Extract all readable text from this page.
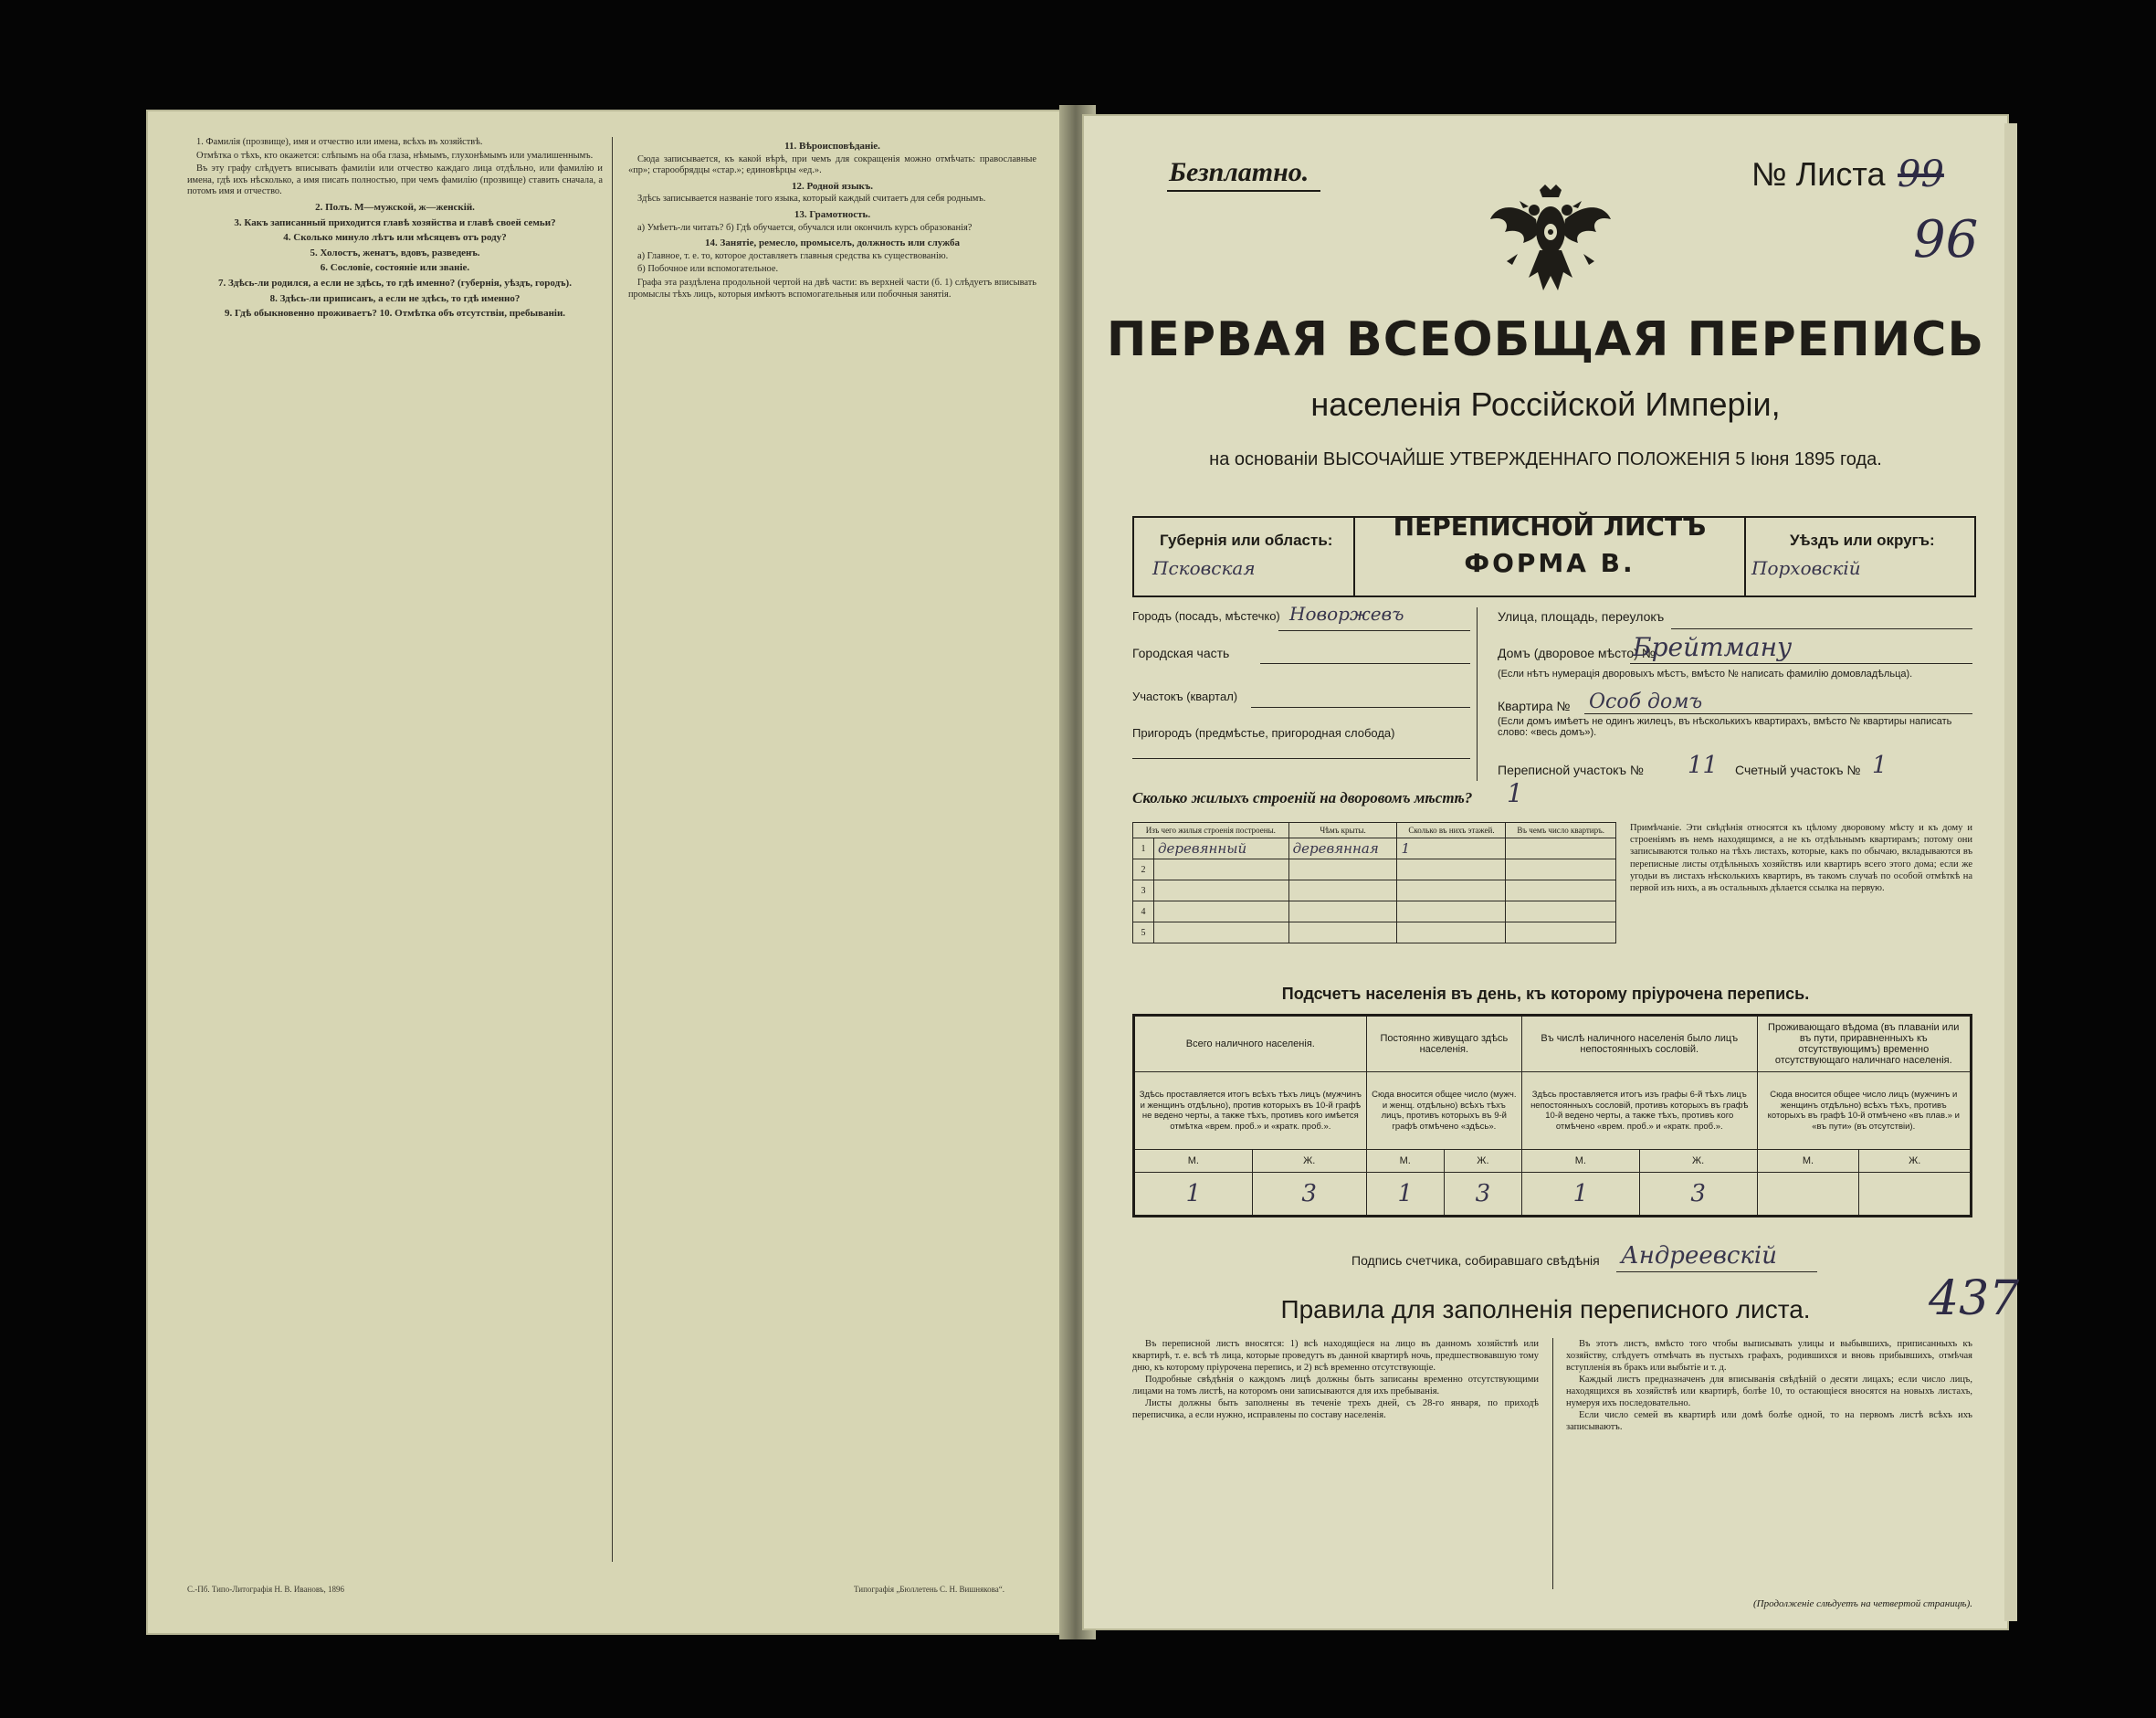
1. Фамилія (прозвище), имя и отчество или имена, всѣхъ въ хозяйствѣ.

Отмѣтка о тѣхъ, кто окажется: слѣпымъ на оба глаза, нѣмымъ, глухонѣмымъ или умалишеннымъ.

Въ эту графу слѣдуетъ вписывать фамиліи или отчество каждаго лица отдѣльно, или фамилію и имена, гдѣ ихъ нѣсколько, а имя писать полностью, при чемъ фамилію (прозвище) ставить сначала, а потомъ имя и отчество.

2. Полъ. М—мужской, ж—женскій.
3. Какъ записанный приходится главѣ хозяйства и главѣ своей семьи?
4. Сколько минуло лѣтъ или мѣсяцевъ отъ роду?
5. Холостъ, женатъ, вдовъ, разведенъ.
6. Сословіе, состояніе или званіе.
7. Здѣсь-ли родился, а если не здѣсь, то гдѣ именно? (губернія, уѣздъ, городъ).
8. Здѣсь-ли приписанъ, а если не здѣсь, то гдѣ именно?
9. Гдѣ обыкновенно проживаетъ? 10. Отмѣтка объ отсутствіи, пребываніи.
11. Вѣроисповѣданіе.

Сюда записывается, къ какой вѣрѣ, при чемъ для сокращенія можно отмѣчать: православные «пр»; старообрядцы «стар.»; единовѣрцы «ед.».

12. Родной языкъ.

Здѣсь записывается названіе того языка, который каждый считаетъ для себя роднымъ.

13. Грамотность.

а) Умѣетъ-ли читать? б) Гдѣ обучается, обучался или окончилъ курсъ образованія?

14. Занятіе, ремесло, промыселъ, должность или служба

а) Главное, т. е. то, которое доставляетъ главныя средства къ существованію.

б) Побочное или вспомогательное.

Графа эта раздѣлена продольной чертой на двѣ части: въ верхней части (б. 1) слѣдуетъ вписывать промыслы тѣхъ лицъ, которыя имѣютъ вспомогательныя или побочныя занятія.

С.-Пб. Типо-Литографія Н. В. Ивановъ, 1896	Типографія „Бюллетень С. Н. Вишнякова“.
Безплатно.	№ Листа 99
96
ПЕРВАЯ ВСЕОБЩАЯ ПЕРЕПИСЬ
населенія Россійской Имперіи,
на основаніи ВЫСОЧАЙШЕ УТВЕРЖДЕННАГО ПОЛОЖЕНІЯ 5 Іюня 1895 года.
Губернія или область:
Псковская
ПЕРЕПИСНОЙ ЛИСТЪ
ФОРМА В.
Уѣздъ или округъ:
Порховскій
Городъ (посадъ, мѣстечко) Новоржевъ	Улица, площадь, переулокъ
Городская часть	Домъ (дворовое мѣсто) №
Брейтману
(Если нѣтъ нумерація дворовыхъ мѣстъ, вмѣсто № написать фамилію домовладѣльца).
Участокъ (квартал)
Пригородъ (предмѣстье, пригородная слобода)
Квартира № Особ домъ
(Если домъ имѣетъ не одинъ жилецъ, въ нѣсколькихъ квартирахъ, вмѣсто № квартиры написать слово: «весь домъ»).
Переписной участокъ № 11 Счетный участокъ № 1
Сколько жилыхъ строеній на дворовомъ мѣстѣ? 1
Изъ чего жилыя строенія построены.		Чѣмъ крыты.	Сколько въ нихъ этажей.	Въ чемъ число квартиръ.
1	деревянный	деревянная	1	
2				
3				
4				
5				
Примѣчаніе. Эти свѣдѣнія относятся къ цѣлому дворовому мѣсту и къ дому и строеніямъ въ немъ находящимся, а не къ отдѣльнымъ квартирамъ; потому они записываются только на тѣхъ листахъ, которые, какъ по обычаю, вкладываются въ переписные листы отдѣльныхъ хозяйствъ или квартиръ всего этого дома; если же угодьи въ листахъ нѣсколькихъ квартиръ, въ такомъ случаѣ по особой отмѣткѣ на первой изъ нихъ, а въ остальныхъ дѣлается ссылка на первую.
Подсчетъ населенія въ день, къ которому пріурочена перепись.
Всего наличного населенія.		Постоянно живущаго здѣсь населенія.		Въ числѣ наличного населенія было лицъ непостоянныхъ сословій.		Проживающаго вѣдома (въ плаваніи или въ пути, приравненныхъ къ отсутствующимъ) временно отсутствующаго наличнаго населенія.	
Здѣсь проставляется итогъ всѣхъ тѣхъ лицъ (мужчинъ и женщинъ отдѣльно), против которыхъ въ 10-й графѣ не ведено черты, а также тѣхъ, противъ кого имѣется отмѣтка «врем. проб.» и «кратк. проб.».		Сюда вносится общее число (мужч. и женщ. отдѣльно) всѣхъ тѣхъ лицъ, противъ которыхъ въ 9-й графѣ отмѣчено «здѣсь».		Здѣсь проставляется итогъ изъ графы 6-й тѣхъ лицъ непостоянныхъ сословій, противъ которыхъ въ графѣ 10-й ведено черты, а также тѣхъ, противъ кого отмѣчено «врем. проб.» и «кратк. проб.».		Сюда вносится общее число лицъ (мужчинъ и женщинъ отдѣльно) всѣхъ тѣхъ, противъ которыхъ въ графѣ 10-й отмѣчено «въ плав.» и «въ пути» (въ отсутствіи).	
М.	Ж.	М.	Ж.	М.	Ж.	М.	Ж.
1	3	1	3	1	3		
Подпись счетчика, собиравшаго свѣдѣнія Андреевскій
437
Правила для заполненія переписного листа.

Въ переписной листъ вносятся: 1) всѣ находящіеся на лицо въ данномъ хозяйствѣ или квартирѣ, т. е. всѣ тѣ лица, которые проведутъ въ данной квартирѣ ночь, предшествовавшую тому дню, къ которому пріурочена перепись, и 2) всѣ временно отсутствующіе.

Подробные свѣдѣнія о каждомъ лицѣ должны быть записаны временно отсутствующими лицами на томъ листѣ, на которомъ они записываются для ихъ пребыванія.

Листы должны быть заполнены въ теченіе трехъ дней, съ 28-го января, по приходѣ переписчика, а если нужно, исправлены по составу населенія.

Въ этотъ листъ, вмѣсто того чтобы выписывать улицы и выбывшихъ, приписанныхъ къ хозяйству, слѣдуетъ отмѣчать въ пустыхъ графахъ, родившихся и вновь прибывшихъ, отмѣчая вступленія въ бракъ или выбытіе и т. д.

Каждый листъ предназначенъ для вписыванія свѣдѣній о десяти лицахъ; если число лицъ, находящихся въ хозяйствѣ или квартирѣ, болѣе 10, то остающіеся вносятся на новыхъ листахъ, нумеруя ихъ последовательно.

Если число семей въ квартирѣ или домѣ болѣе одной, то на первомъ листѣ всѣхъ ихъ записываютъ.

(Продолженіе слѣдуетъ на четвертой страницѣ).
